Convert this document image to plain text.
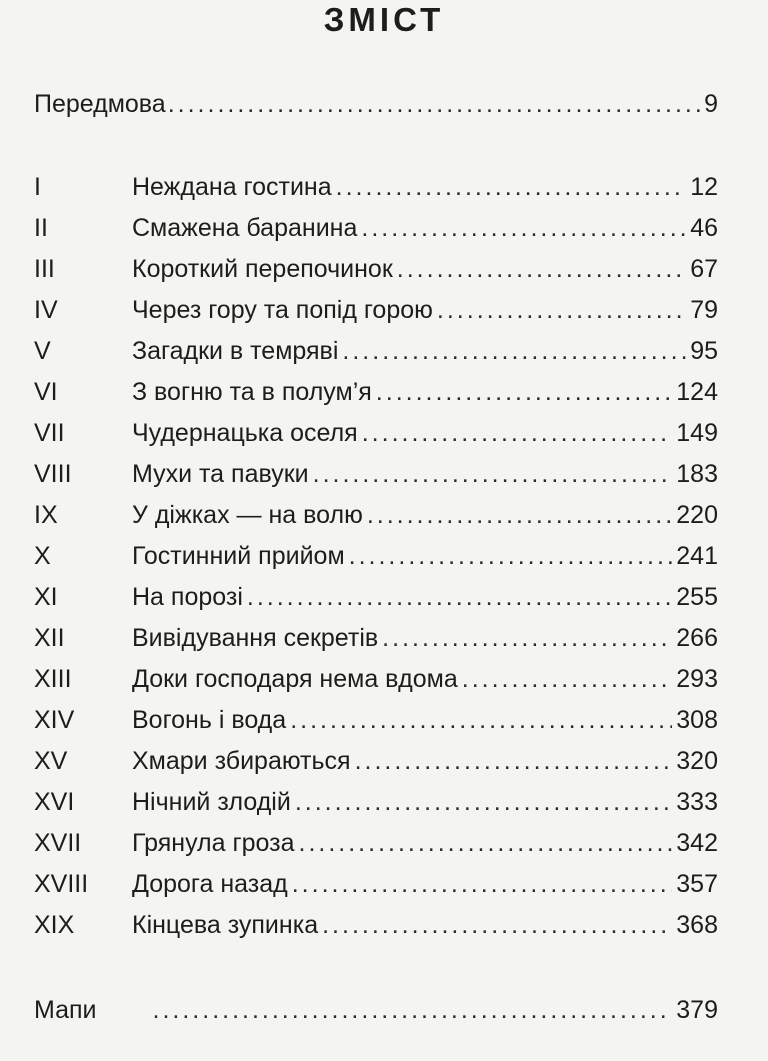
ЗМІСТ
Передмова .....	9
I	Нежданa гостина .....	12
II	Смажена баранина .....	46
III	Короткий перепочинок .....	67
IV	Через гору та попід горою .....	79
V	Загадки в темряві .....	95
VI	З вогню та в полум’я .....	124
VII	Чудернацька оселя .....	149
VIII	Мухи та павуки .....	183
IX	У діжках — на волю .....	220
X	Гостинний прийом .....	241
XI	На порозі .....	255
XII	Вивідування секретів .....	266
XIII	Доки господаря нема вдома .....	293
XIV	Вогонь і вода .....	308
XV	Хмари збираються .....	320
XVI	Нічний злодій .....	333
XVII	Грянула гроза .....	342
XVIII	Дорога назад .....	357
XIX	Кінцева зупинка .....	368
Мапи .....	379
